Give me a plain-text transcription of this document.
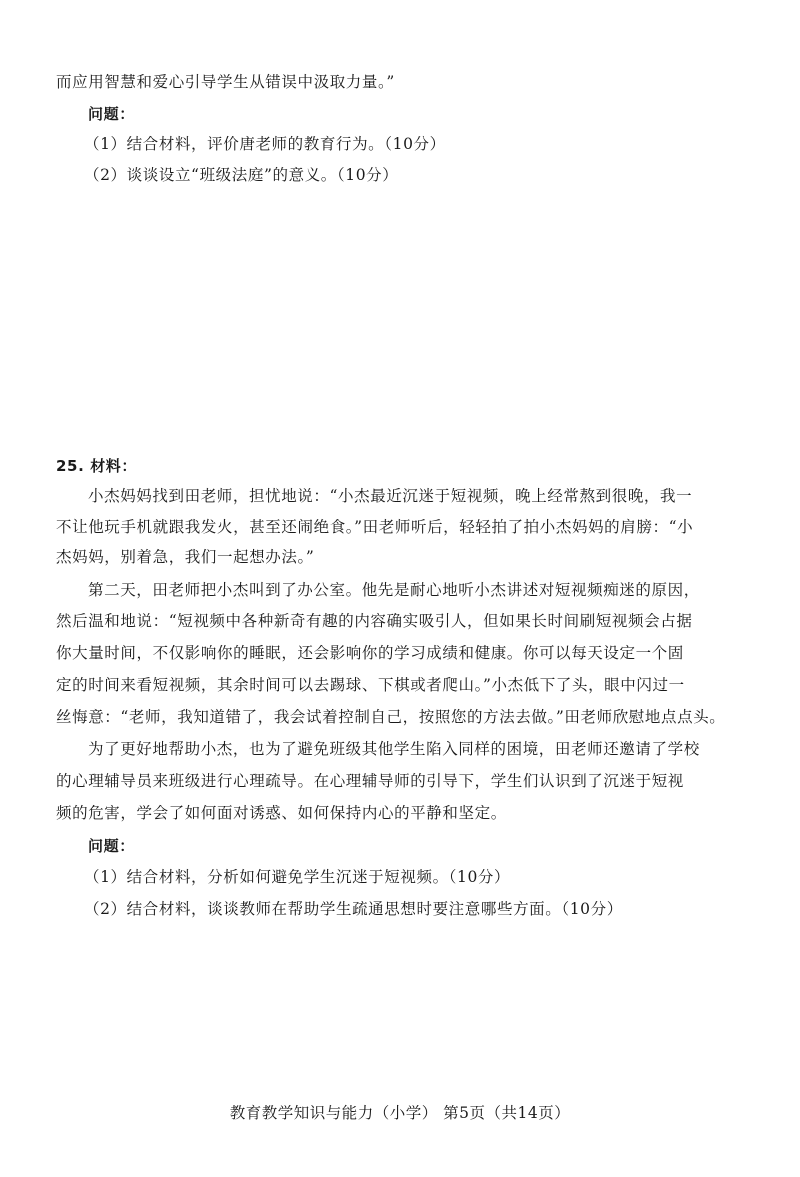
而应用智慧和爱心引导学生从错误中汲取力量。”
问题：
（1）结合材料，评价唐老师的教育行为。（10分）
（2）谈谈设立“班级法庭”的意义。（10分）
25. 材料：
小杰妈妈找到田老师，担忧地说：“小杰最近沉迷于短视频，晚上经常熬到很晚，我一
不让他玩手机就跟我发火，甚至还闹绝食。”田老师听后，轻轻拍了拍小杰妈妈的肩膀：“小
杰妈妈，别着急，我们一起想办法。”
第二天，田老师把小杰叫到了办公室。他先是耐心地听小杰讲述对短视频痴迷的原因，
然后温和地说：“短视频中各种新奇有趣的内容确实吸引人，但如果长时间刷短视频会占据
你大量时间，不仅影响你的睡眠，还会影响你的学习成绩和健康。你可以每天设定一个固
定的时间来看短视频，其余时间可以去踢球、下棋或者爬山。”小杰低下了头，眼中闪过一
丝悔意：“老师，我知道错了，我会试着控制自己，按照您的方法去做。”田老师欣慰地点点头。
为了更好地帮助小杰，也为了避免班级其他学生陷入同样的困境，田老师还邀请了学校
的心理辅导员来班级进行心理疏导。在心理辅导师的引导下，学生们认识到了沉迷于短视
频的危害，学会了如何面对诱惑、如何保持内心的平静和坚定。
问题：
（1）结合材料，分析如何避免学生沉迷于短视频。（10分）
（2）结合材料，谈谈教师在帮助学生疏通思想时要注意哪些方面。（10分）
教育教学知识与能力（小学） 第5页（共14页）
